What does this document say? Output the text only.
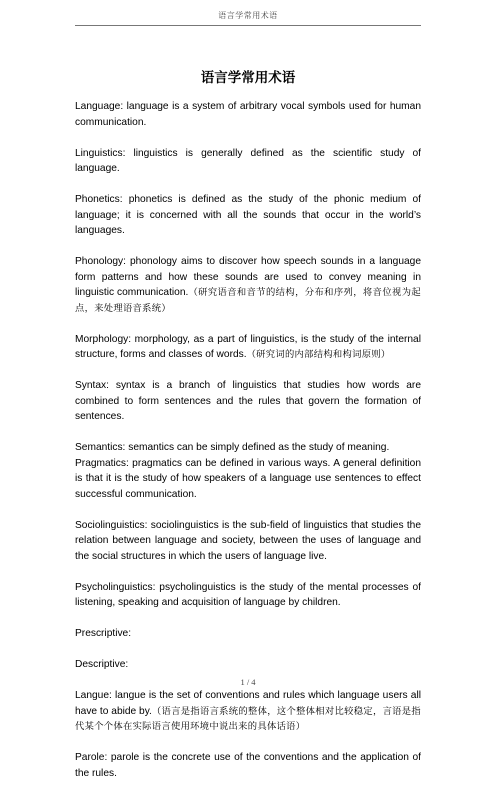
语言学常用术语
语言学常用术语

Language: language is a system of arbitrary vocal symbols used for human communication.

Linguistics: linguistics is generally defined as the scientific study of language.

Phonetics: phonetics is defined as the study of the phonic medium of language; it is concerned with all the sounds that occur in the world’s languages.

Phonology: phonology aims to discover how speech sounds in a language form patterns and how these sounds are used to convey meaning in linguistic communication.（研究语音和音节的结构，分布和序列，将音位视为起点，来处理语音系统）

Morphology: morphology, as a part of linguistics, is the study of the internal structure, forms and classes of words.（研究词的内部结构和构词原则）

Syntax: syntax is a branch of linguistics that studies how words are combined to form sentences and the rules that govern the formation of sentences.

Semantics: semantics can be simply defined as the study of meaning.

Pragmatics: pragmatics can be defined in various ways. A general definition is that it is the study of how speakers of a language use sentences to effect successful communication.

Sociolinguistics: sociolinguistics is the sub-field of linguistics that studies the relation between language and society, between the uses of language and the social structures in which the users of language live.

Psycholinguistics: psycholinguistics is the study of the mental processes of listening, speaking and acquisition of language by children.

Prescriptive:

Descriptive:

Langue: langue is the set of conventions and rules which language users all have to abide by.（语言是指语言系统的整体，这个整体相对比较稳定，言语是指代某个个体在实际语言使用环境中说出来的具体话语）

Parole: parole is the concrete use of the conventions and the application of the rules.

1 / 4
